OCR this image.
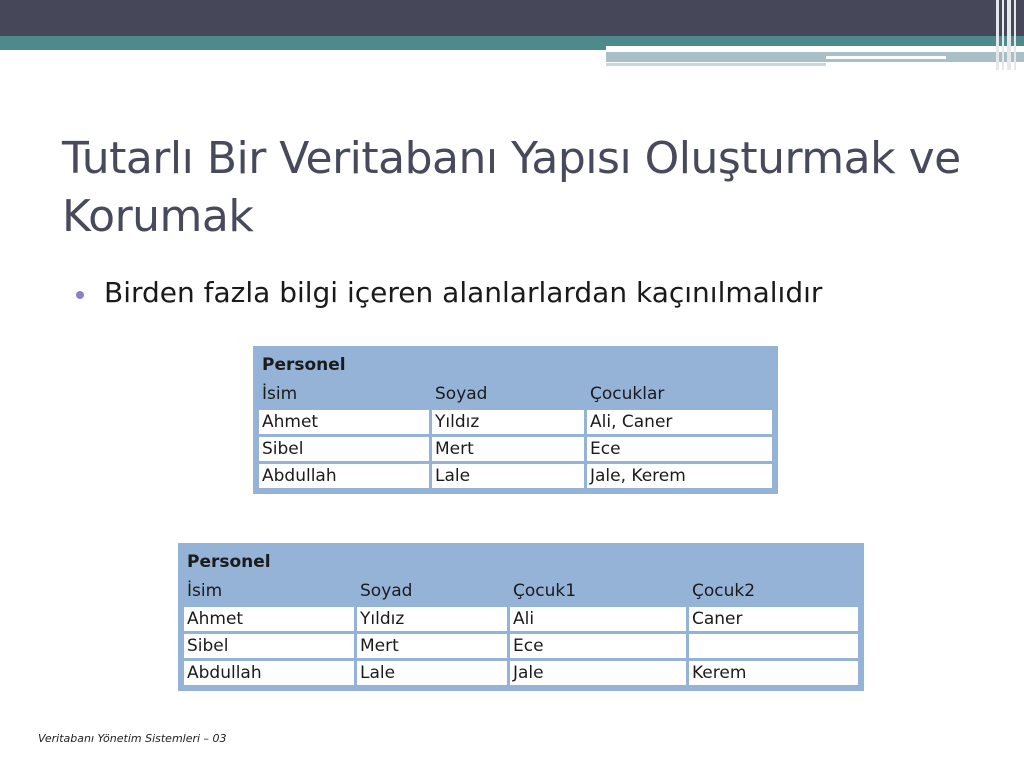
Tutarlı Bir Veritabanı Yapısı Oluşturmak ve Korumak
Birden fazla bilgi içeren alanlarlardan kaçınılmalıdır
Personel		
İsim	Soyad	Çocuklar
Ahmet	Yıldız	Ali, Caner
Sibel	Mert	Ece
Abdullah	Lale	Jale, Kerem
Personel			
İsim	Soyad	Çocuk1	Çocuk2
Ahmet	Yıldız	Ali	Caner
Sibel	Mert	Ece	
Abdullah	Lale	Jale	Kerem
Veritabanı Yönetim Sistemleri – 03
